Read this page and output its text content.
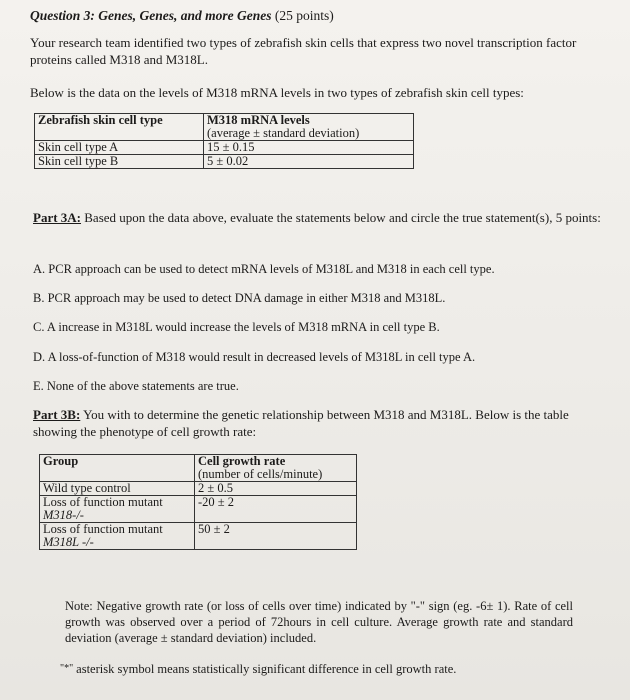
Question 3: Genes, Genes, and more Genes (25 points)
Your research team identified two types of zebrafish skin cells that express two novel transcription factor proteins called M318 and M318L.
Below is the data on the levels of M318 mRNA levels in two types of zebrafish skin cell types:
Zebrafish skin cell type	M318 mRNA levels
(average ± standard deviation)

Skin cell type A	15 ± 0.15
Skin cell type B	5 ± 0.02
Part 3A: Based upon the data above, evaluate the statements below and circle the true statement(s), 5 points:
A. PCR approach can be used to detect mRNA levels of M318L and M318 in each cell type.
B. PCR approach may be used to detect DNA damage in either M318 and M318L.
C. A increase in M318L would increase the levels of M318 mRNA in cell type B.
D. A loss-of-function of M318 would result in decreased levels of M318L in cell type A.
E. None of the above statements are true.
Part 3B: You with to determine the genetic relationship between M318 and M318L. Below is the table showing the phenotype of cell growth rate:
Group	Cell growth rate
(number of cells/minute)

Wild type control	2 ± 0.5
Loss of function mutant
M318-/-	-20 ± 2
Loss of function mutant
M318L -/-	50 ± 2
Note: Negative growth rate (or loss of cells over time) indicated by "-" sign (eg. -6± 1). Rate of cell growth was observed over a period of 72hours in cell culture. Average growth rate and standard deviation (average ± standard deviation) included.
"*" asterisk symbol means statistically significant difference in cell growth rate.
